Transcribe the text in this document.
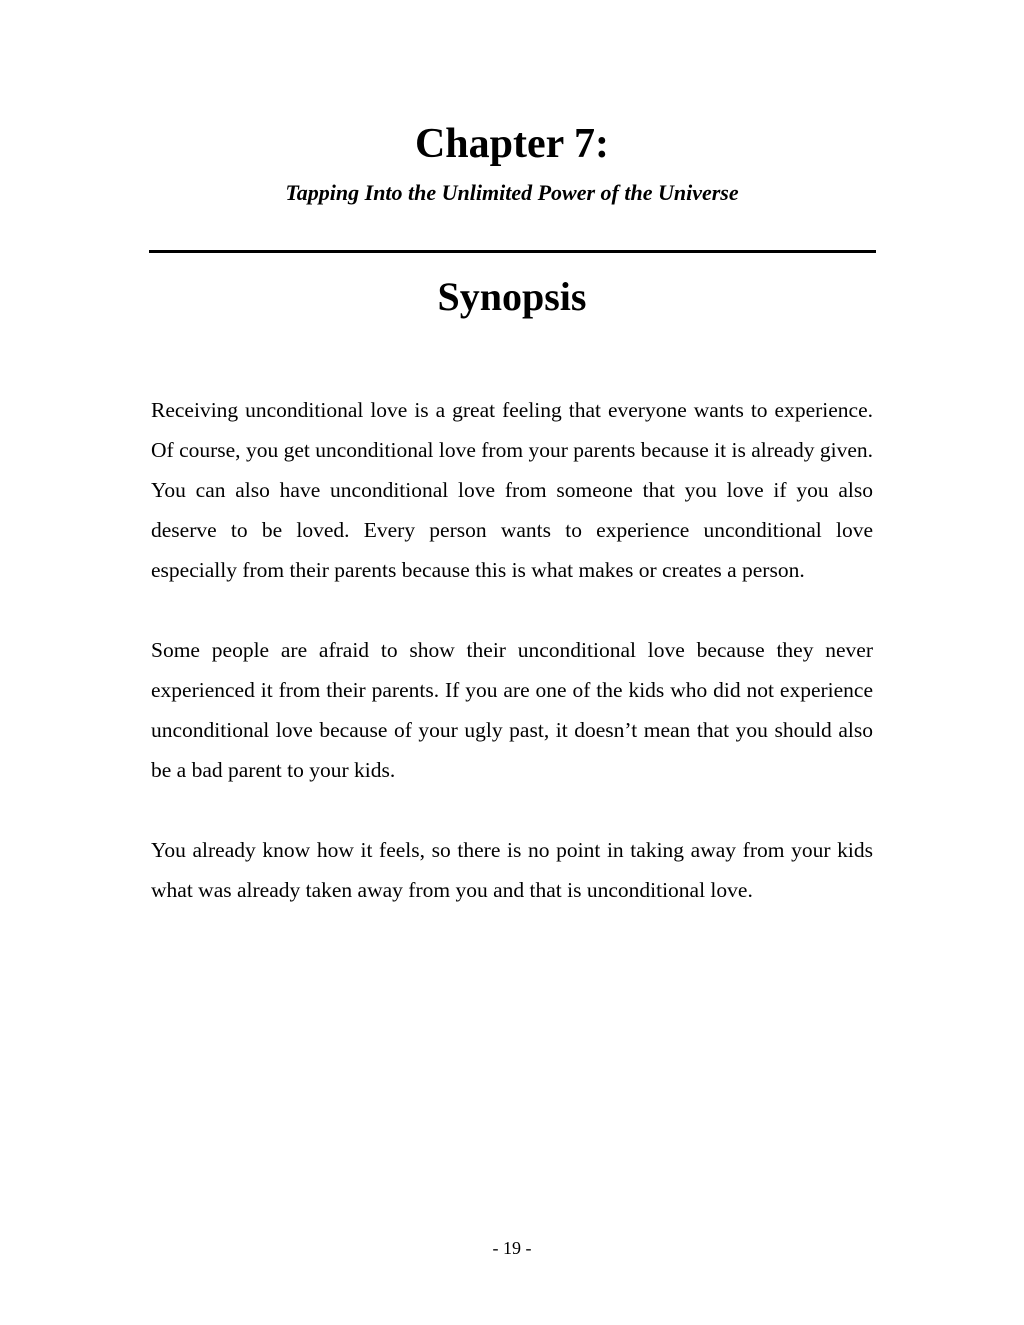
Chapter 7:
Tapping Into the Unlimited Power of the Universe
Synopsis

Receiving unconditional love is a great feeling that everyone wants to experience. Of course, you get unconditional love from your parents because it is already given. You can also have unconditional love from someone that you love if you also deserve to be loved. Every person wants to experience unconditional love especially from their parents because this is what makes or creates a person.

Some people are afraid to show their unconditional love because they never experienced it from their parents. If you are one of the kids who did not experience unconditional love because of your ugly past, it doesn’t mean that you should also be a bad parent to your kids.

You already know how it feels, so there is no point in taking away from your kids what was already taken away from you and that is unconditional love.

- 19 -
